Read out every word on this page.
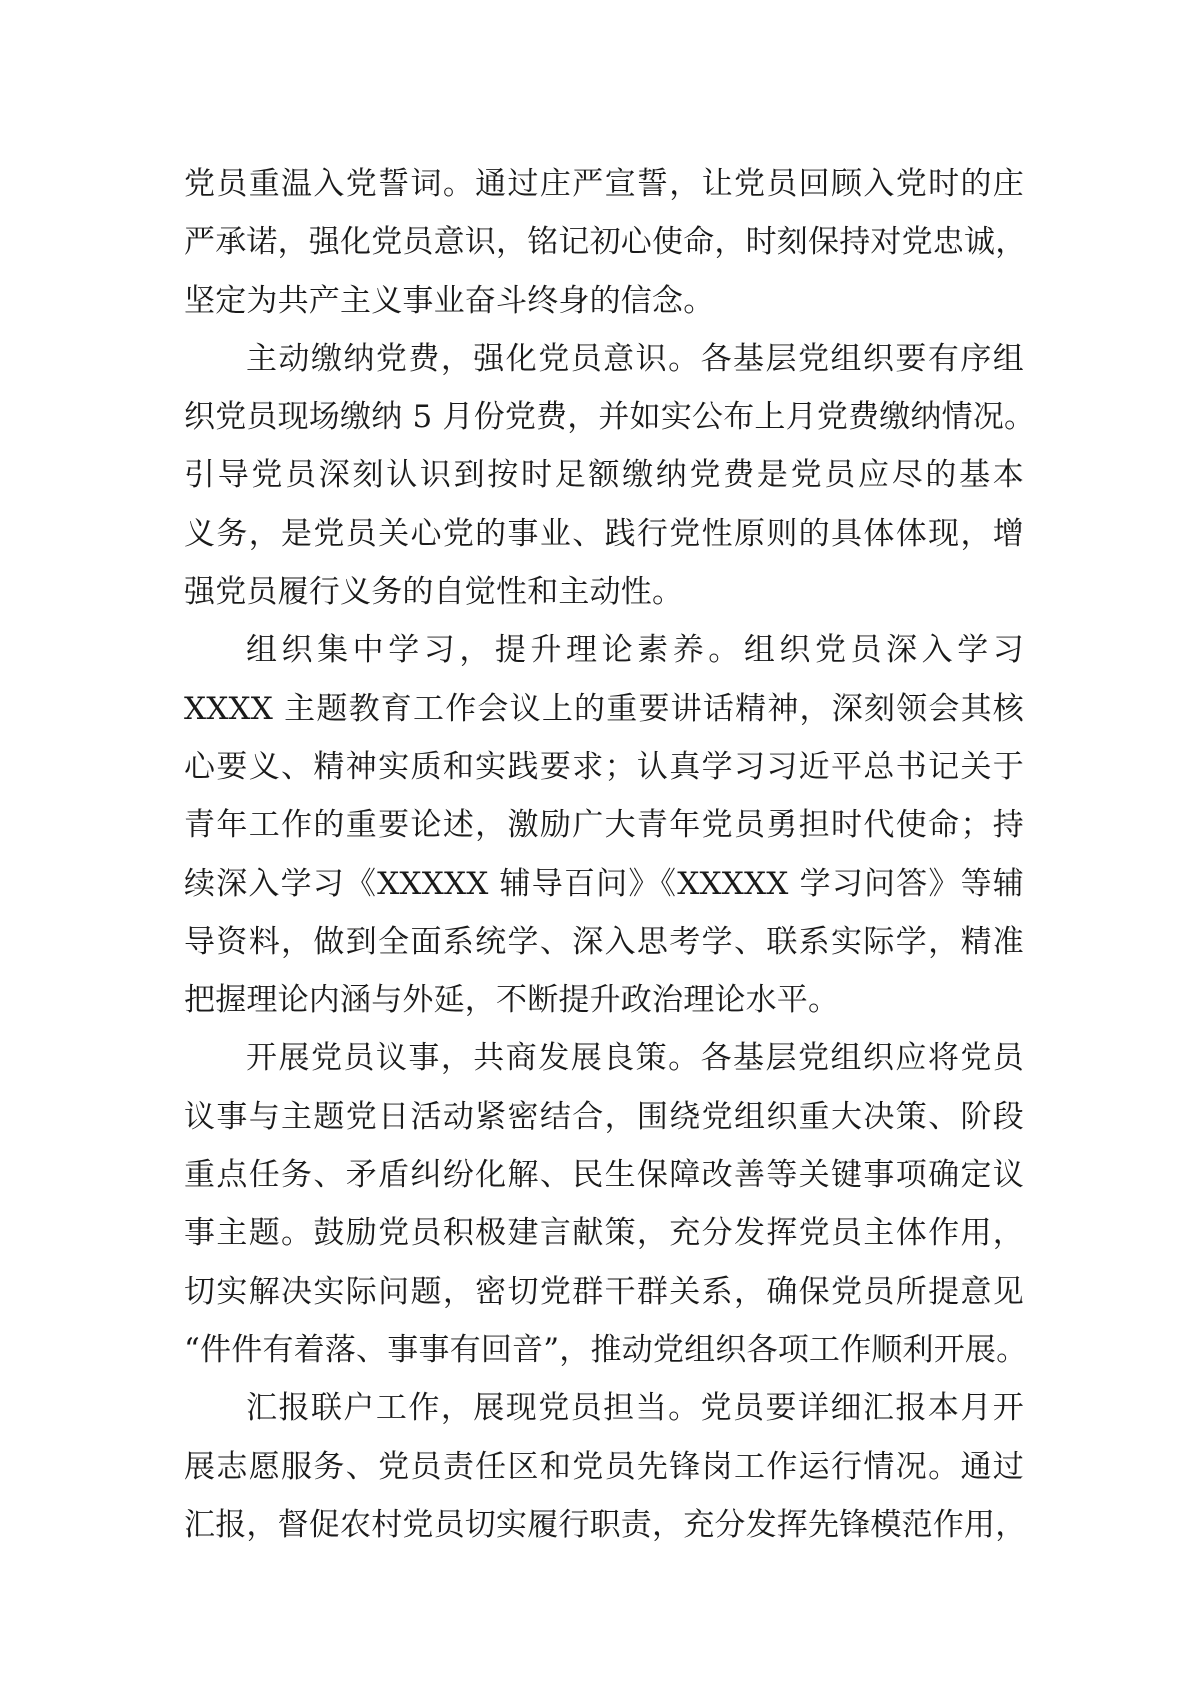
党员重温入党誓词。通过庄严宣誓，让党员回顾入党时的庄
严承诺，强化党员意识，铭记初心使命，时刻保持对党忠诚，
坚定为共产主义事业奋斗终身的信念。
主动缴纳党费，强化党员意识。各基层党组织要有序组
织党员现场缴纳 5 月份党费，并如实公布上月党费缴纳情况。
引导党员深刻认识到按时足额缴纳党费是党员应尽的基本
义务，是党员关心党的事业、践行党性原则的具体体现，增
强党员履行义务的自觉性和主动性。
组织集中学习，提升理论素养。组织党员深入学习
XXXX 主题教育工作会议上的重要讲话精神，深刻领会其核
心要义、精神实质和实践要求；认真学习习近平总书记关于
青年工作的重要论述，激励广大青年党员勇担时代使命；持
续深入学习《XXXXX 辅导百问》《XXXXX 学习问答》等辅
导资料，做到全面系统学、深入思考学、联系实际学，精准
把握理论内涵与外延，不断提升政治理论水平。
开展党员议事，共商发展良策。各基层党组织应将党员
议事与主题党日活动紧密结合，围绕党组织重大决策、阶段
重点任务、矛盾纠纷化解、民生保障改善等关键事项确定议
事主题。鼓励党员积极建言献策，充分发挥党员主体作用，
切实解决实际问题，密切党群干群关系，确保党员所提意见
“件件有着落、事事有回音”，推动党组织各项工作顺利开展。
汇报联户工作，展现党员担当。党员要详细汇报本月开
展志愿服务、党员责任区和党员先锋岗工作运行情况。通过
汇报，督促农村党员切实履行职责，充分发挥先锋模范作用，
